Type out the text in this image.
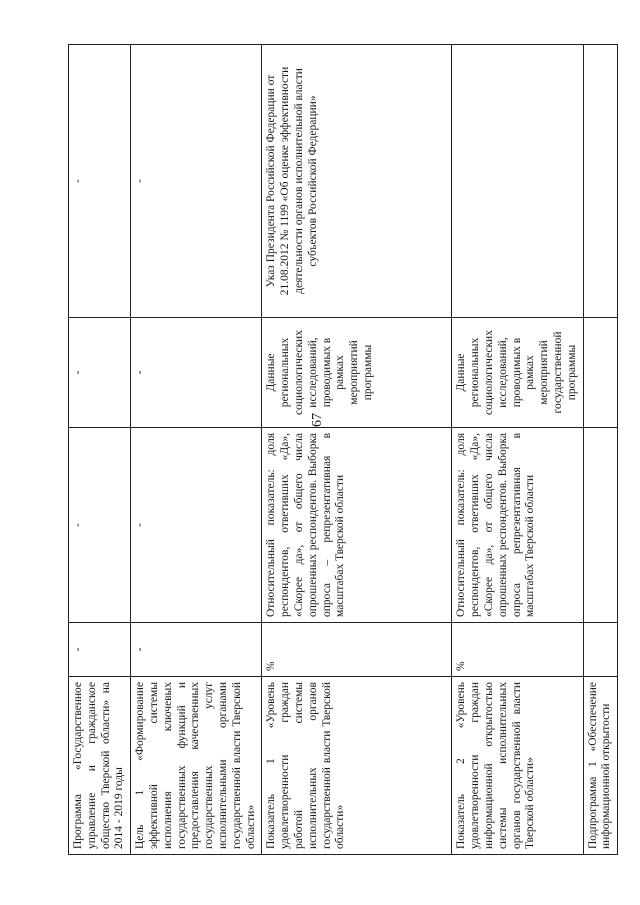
67
Программа «Государственное управление и гражданское общество Тверской области» на 2014 - 2019 годы	-	-	-	-
Цель 1 «Формирование эффективной системы исполнения ключевых государственных функций и предоставления качественных государственных услуг исполнительными органами государственной власти Тверской области»	-	-	-	-
Показатель 1 «Уровень удовлетворенности граждан работой системы исполнительных органов государственной власти Тверской области»	%	Относительный показатель: доля респондентов, ответивших «Да», «Скорее да», от общего числа опрошенных респондентов. Выборка опроса – репрезентативная в масштабах Тверской области	Данные региональных социологических исследований, проводимых в рамках мероприятий программы	Указ Президента Российской Федерации от 21.08.2012 № 1199 «Об оценке эффективности деятельности органов исполнительной власти субъектов Российской Федерации»
Показатель 2 «Уровень удовлетворенности граждан информационной открытостью системы исполнительных органов государственной власти Тверской области»	%	Относительный показатель: доля респондентов, ответивших «Да», «Скорее да», от общего числа опрошенных респондентов. Выборка опроса репрезентативная в масштабах Тверской области	Данные региональных социологических исследований, проводимых в рамках мероприятий государственной программы	
Подпрограмма 1 «Обеспечение информационной открытости				
